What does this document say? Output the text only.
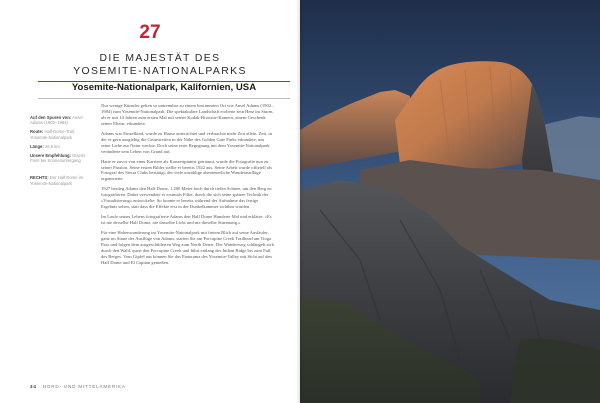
27
DIE MAJESTÄT DES
YOSEMITE-NATIONALPARKS
Yosemite-Nationalpark, Kalifornien, USA
Auf den Spuren von: Ansel Adams (1902–1984)
Route: Half-Dome-Trail, Yosemite-Nationalpark
Länge: 26,5 km
Unsere Empfehlung: Glacier Point bei Sonnenuntergang
RECHTS: Der Half Dome im Yosemite-Nationalpark

Nur wenige Künstler gelten so untrennbar zu einem bestimmten Ort wie Ansel Adams (1902–1984) zum Yosemite-Nationalpark. Die spektakuläre Landschaft eroberte sein Herz im Sturm, als er mit 14 Jahren zum ersten Mal mit seiner Kodak-Brownie-Kamera, einem Geschenk seiner Eltern, erkundete.

Adams war Einzelkind, wurde zu Hause unterrichtet und verbrachte mehr Zeit allein. Zeit, in der er gern ausgiebig die Grünstreifen in der Nähe des Golden Gate Parks erkundete, um seine Liebe zur Natur weckte. Doch seine erste Begegnung mit dem Yosemite-Nationalpark veränderte sein Leben von Grund auf.

Hatte er zuvor von einer Karriere als Konzertpianist geträumt, wurde die Fotografie nun zu seiner Passion. Seine ersten Bilder stellte er bereits 1922 aus. Seine Arbeit wurde offiziell als Fotograf des Sierra Clubs bestätigt, der viele unzählige abenteuerliche Wanderausflüge organisierte.

1927 bestieg Adams den Half Dome, 1.200 Meter hoch durch tiefen Schnee, um den Berg zu fotografieren. Dabei verwendete er erstmals Filter, durch die sich seine spätere Technik der »Visualisierung« entwickelte: So konnte er bereits während der Aufnahme das fertige Ergebnis sehen, statt dass die Effekte erst in der Dunkelkammer sichtbar wurden.

Im Laufe seines Lebens fotografierte Adams den Half Dome Hunderte Mal und erklärte: »Es ist nie derselbe Half Dome, nie dasselbe Licht und nie dieselbe Stimmung.«

Für eine Hohenwanderung im Yosemite-Nationalpark mit freiem Blick auf seine Ausläufer, ganz im Sinne der Ausflüge von Adams, starten Sie am Porcupine Creek Trailhead am Tioga Pass und folgen dem ausgeschilderten Weg zum North Dome. Der Wanderweg schlängelt sich durch den Wald, quert den Porcupine Creek und führt entlang des Indian Ridge bis zum Fuß des Berges. Vom Gipfel aus können Sie das Panorama des Yosemite-Valley mit Sicht auf den Half Dome und El Capitan genießen.

34 NORD- UND MITTELAMERIKA
